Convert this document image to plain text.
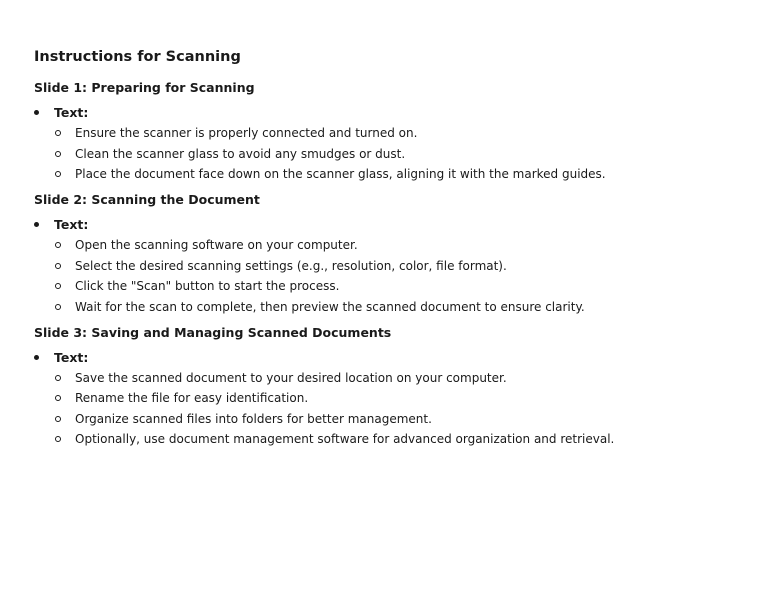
Instructions for Scanning
Slide 1: Preparing for Scanning
Text:
Ensure the scanner is properly connected and turned on.
Clean the scanner glass to avoid any smudges or dust.
Place the document face down on the scanner glass, aligning it with the marked guides.
Slide 2: Scanning the Document
Text:
Open the scanning software on your computer.
Select the desired scanning settings (e.g., resolution, color, file format).
Click the "Scan" button to start the process.
Wait for the scan to complete, then preview the scanned document to ensure clarity.
Slide 3: Saving and Managing Scanned Documents
Text:
Save the scanned document to your desired location on your computer.
Rename the file for easy identification.
Organize scanned files into folders for better management.
Optionally, use document management software for advanced organization and retrieval.
